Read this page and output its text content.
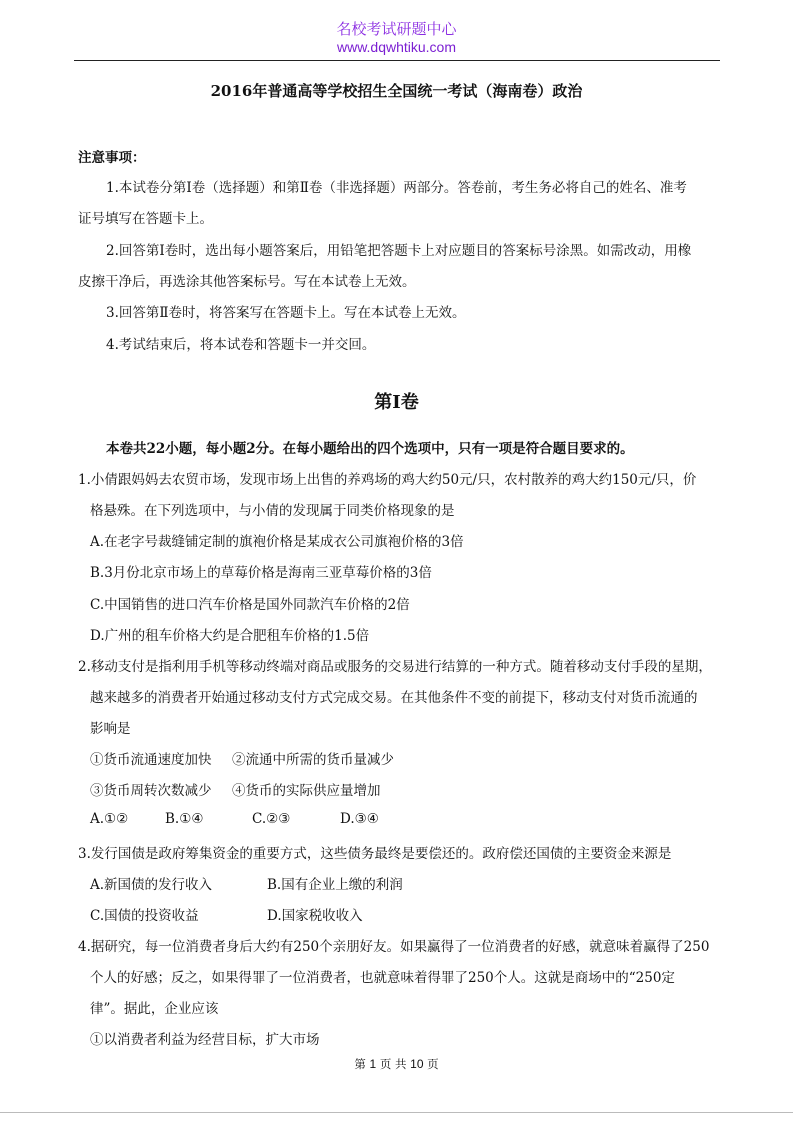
名校考试研题中心
www.dqwhtiku.com
2016年普通高等学校招生全国统一考试（海南卷）政治
注意事项：
1.本试卷分第Ⅰ卷（选择题）和第Ⅱ卷（非选择题）两部分。答卷前，考生务必将自己的姓名、准考
证号填写在答题卡上。
2.回答第Ⅰ卷时，选出每小题答案后，用铅笔把答题卡上对应题目的答案标号涂黑。如需改动，用橡
皮擦干净后，再选涂其他答案标号。写在本试卷上无效。
3.回答第Ⅱ卷时，将答案写在答题卡上。写在本试卷上无效。
4.考试结束后，将本试卷和答题卡一并交回。
第Ⅰ卷
本卷共22小题，每小题2分。在每小题给出的四个选项中，只有一项是符合题目要求的。
1.小倩跟妈妈去农贸市场，发现市场上出售的养鸡场的鸡大约50元/只，农村散养的鸡大约150元/只，价
格悬殊。在下列选项中，与小倩的发现属于同类价格现象的是
A.在老字号裁缝铺定制的旗袍价格是某成衣公司旗袍价格的3倍
B.3月份北京市场上的草莓价格是海南三亚草莓价格的3倍
C.中国销售的进口汽车价格是国外同款汽车价格的2倍
D.广州的租车价格大约是合肥租车价格的1.5倍
2.移动支付是指利用手机等移动终端对商品或服务的交易进行结算的一种方式。随着移动支付手段的星期，
越来越多的消费者开始通过移动支付方式完成交易。在其他条件不变的前提下，移动支付对货币流通的
影响是
①货币流通速度加快 ②流通中所需的货币量减少
③货币周转次数减少 ④货币的实际供应量增加
A.①②	B.①④	C.②③	D.③④
3.发行国债是政府筹集资金的重要方式，这些债务最终是要偿还的。政府偿还国债的主要资金来源是
A.新国债的发行收入	B.国有企业上缴的利润
C.国债的投资收益	D.国家税收收入
4.据研究，每一位消费者身后大约有250个亲朋好友。如果赢得了一位消费者的好感，就意味着赢得了250
个人的好感；反之，如果得罪了一位消费者，也就意味着得罪了250个人。这就是商场中的“250定
律”。据此，企业应该
①以消费者利益为经营目标，扩大市场
第 1 页 共 10 页
